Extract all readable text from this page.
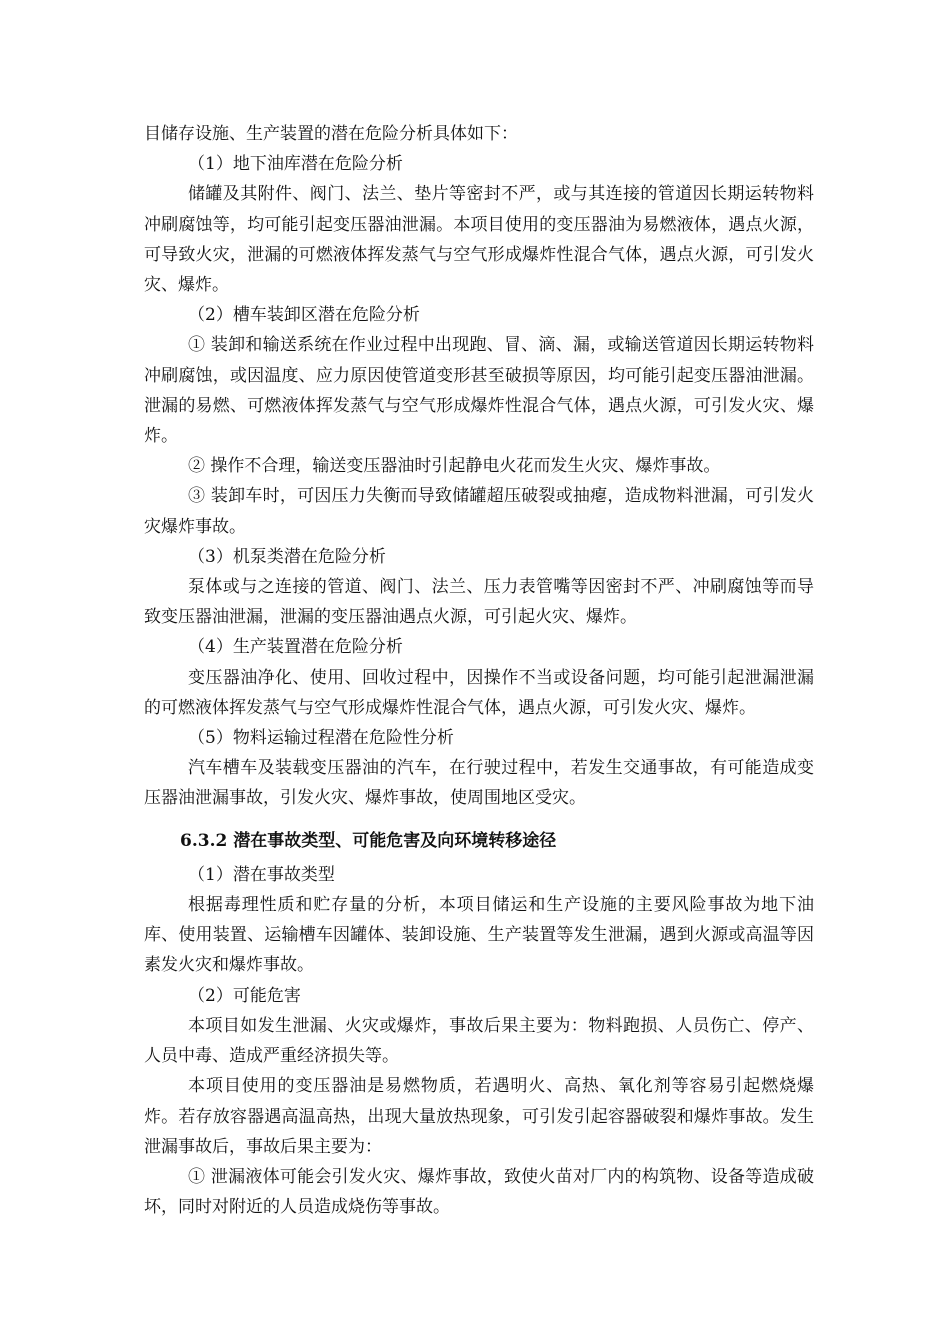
目储存设施、生产装置的潜在危险分析具体如下：

（1）地下油库潜在危险分析

储罐及其附件、阀门、法兰、垫片等密封不严，或与其连接的管道因长期运转物料冲刷腐蚀等，均可能引起变压器油泄漏。本项目使用的变压器油为易燃液体，遇点火源，可导致火灾，泄漏的可燃液体挥发蒸气与空气形成爆炸性混合气体，遇点火源，可引发火灾、爆炸。

（2）槽车装卸区潜在危险分析

① 装卸和输送系统在作业过程中出现跑、冒、滴、漏，或输送管道因长期运转物料冲刷腐蚀，或因温度、应力原因使管道变形甚至破损等原因，均可能引起变压器油泄漏。泄漏的易燃、可燃液体挥发蒸气与空气形成爆炸性混合气体，遇点火源，可引发火灾、爆炸。

② 操作不合理，输送变压器油时引起静电火花而发生火灾、爆炸事故。

③ 装卸车时，可因压力失衡而导致储罐超压破裂或抽瘪，造成物料泄漏，可引发火灾爆炸事故。

（3）机泵类潜在危险分析

泵体或与之连接的管道、阀门、法兰、压力表管嘴等因密封不严、冲刷腐蚀等而导致变压器油泄漏，泄漏的变压器油遇点火源，可引起火灾、爆炸。

（4）生产装置潜在危险分析

变压器油净化、使用、回收过程中，因操作不当或设备问题，均可能引起泄漏泄漏的可燃液体挥发蒸气与空气形成爆炸性混合气体，遇点火源，可引发火灾、爆炸。

（5）物料运输过程潜在危险性分析

汽车槽车及装载变压器油的汽车，在行驶过程中，若发生交通事故，有可能造成变压器油泄漏事故，引发火灾、爆炸事故，使周围地区受灾。

6.3.2 潜在事故类型、可能危害及向环境转移途径

（1）潜在事故类型

根据毒理性质和贮存量的分析，本项目储运和生产设施的主要风险事故为地下油库、使用装置、运输槽车因罐体、装卸设施、生产装置等发生泄漏，遇到火源或高温等因素发火灾和爆炸事故。

（2）可能危害

本项目如发生泄漏、火灾或爆炸，事故后果主要为：物料跑损、人员伤亡、停产、人员中毒、造成严重经济损失等。

本项目使用的变压器油是易燃物质，若遇明火、高热、氧化剂等容易引起燃烧爆炸。若存放容器遇高温高热，出现大量放热现象，可引发引起容器破裂和爆炸事故。发生泄漏事故后，事故后果主要为：

① 泄漏液体可能会引发火灾、爆炸事故，致使火苗对厂内的构筑物、设备等造成破坏，同时对附近的人员造成烧伤等事故。
